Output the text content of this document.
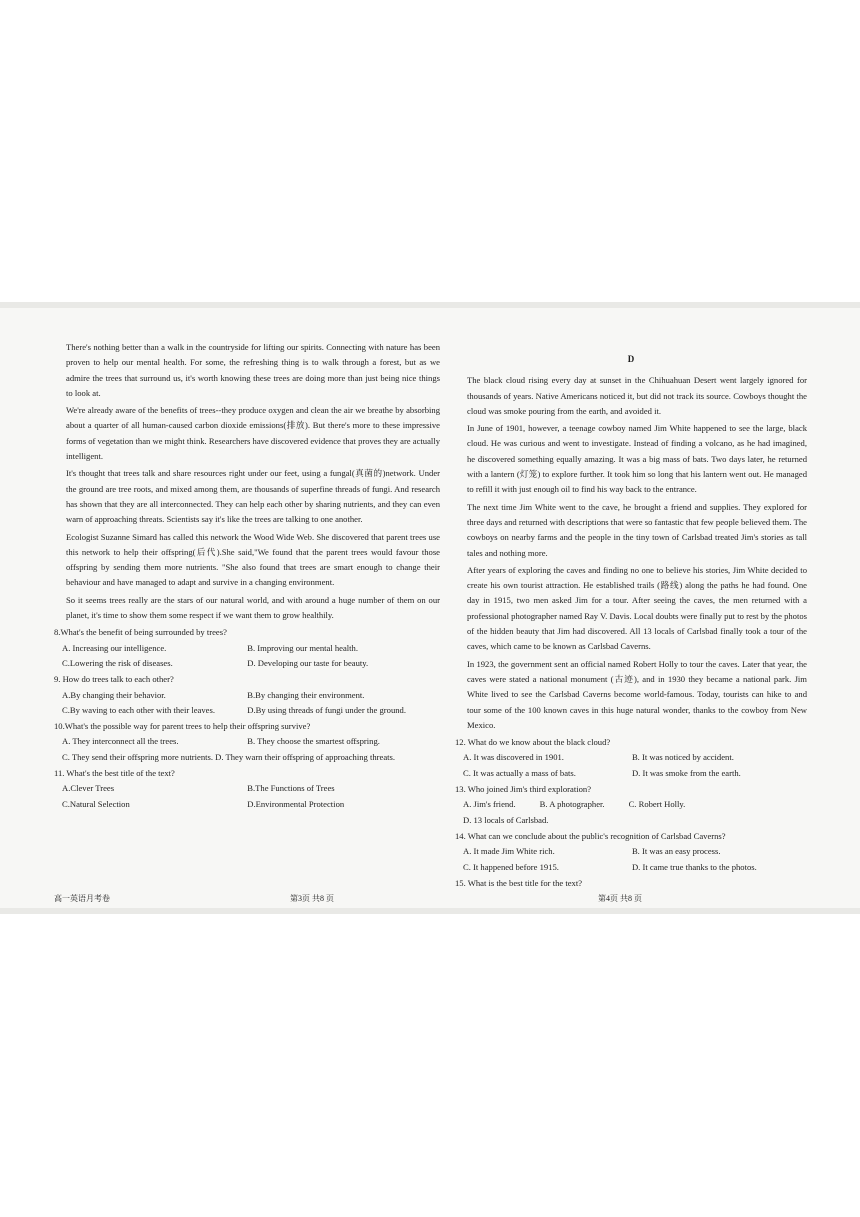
There's nothing better than a walk in the countryside for lifting our spirits. Connecting with nature has been proven to help our mental health. For some, the refreshing thing is to walk through a forest, but as we admire the trees that surround us, it's worth knowing these trees are doing more than just being nice things to look at.

We're already aware of the benefits of trees--they produce oxygen and clean the air we breathe by absorbing about a quarter of all human-caused carbon dioxide emissions(排放). But there's more to these impressive forms of vegetation than we might think. Researchers have discovered evidence that proves they are actually intelligent.

It's thought that trees talk and share resources right under our feet, using a fungal(真菌的)network. Under the ground are tree roots, and mixed among them, are thousands of superfine threads of fungi. And research has shown that they are all interconnected. They can help each other by sharing nutrients, and they can even warn of approaching threats. Scientists say it's like the trees are talking to one another.

Ecologist Suzanne Simard has called this network the Wood Wide Web. She discovered that parent trees use this network to help their offspring(后代).She said,"We found that the parent trees would favour those offspring by sending them more nutrients. "She also found that trees are smart enough to change their behaviour and have managed to adapt and survive in a changing environment.

So it seems trees really are the stars of our natural world, and with around a huge number of them on our planet, it's time to show them some respect if we want them to grow healthily.

8.What's the benefit of being surrounded by trees?
A. Increasing our intelligence.	B. Improving our mental health.
C.Lowering the risk of diseases.	D. Developing our taste for beauty.
9. How do trees talk to each other?
A.By changing their behavior.	B.By changing their environment.
C.By waving to each other with their leaves.	D.By using threads of fungi under the ground.
10.What's the possible way for parent trees to help their offspring survive?
A. They interconnect all the trees.	B. They choose the smartest offspring.
C. They send their offspring more nutrients. D. They warn their offspring of approaching threats.
11. What's the best title of the text?
A.Clever Trees	B.The Functions of Trees
C.Natural Selection	D.Environmental Protection
D

The black cloud rising every day at sunset in the Chihuahuan Desert went largely ignored for thousands of years. Native Americans noticed it, but did not track its source. Cowboys thought the cloud was smoke pouring from the earth, and avoided it.

In June of 1901, however, a teenage cowboy named Jim White happened to see the large, black cloud. He was curious and went to investigate. Instead of finding a volcano, as he had imagined, he discovered something equally amazing. It was a big mass of bats. Two days later, he returned with a lantern (灯笼) to explore further. It took him so long that his lantern went out. He managed to refill it with just enough oil to find his way back to the entrance.

The next time Jim White went to the cave, he brought a friend and supplies. They explored for three days and returned with descriptions that were so fantastic that few people believed them. The cowboys on nearby farms and the people in the tiny town of Carlsbad treated Jim's stories as tall tales and nothing more.

After years of exploring the caves and finding no one to believe his stories, Jim White decided to create his own tourist attraction. He established trails (路线) along the paths he had found. One day in 1915, two men asked Jim for a tour. After seeing the caves, the men returned with a professional photographer named Ray V. Davis. Local doubts were finally put to rest by the photos of the hidden beauty that Jim had discovered. All 13 locals of Carlsbad finally took a tour of the caves, which came to be known as Carlsbad Caverns.

In 1923, the government sent an official named Robert Holly to tour the caves. Later that year, the caves were stated a national monument (古迹), and in 1930 they became a national park. Jim White lived to see the Carlsbad Caverns become world-famous. Today, tourists can hike to and tour some of the 100 known caves in this huge natural wonder, thanks to the cowboy from New Mexico.

12. What do we know about the black cloud?
A. It was discovered in 1901.	B. It was noticed by accident.
C. It was actually a mass of bats.	D. It was smoke from the earth.
13. Who joined Jim's third exploration?
A. Jim's friend.	B. A photographer.	C. Robert Holly.
D. 13 locals of Carlsbad.
14. What can we conclude about the public's recognition of Carlsbad Caverns?
A. It made Jim White rich.	B. It was an easy process.
C. It happened before 1915.	D. It came true thanks to the photos.
15. What is the best title for the text?
高一英语月考卷	第3页 共8 页	第4页 共8 页
